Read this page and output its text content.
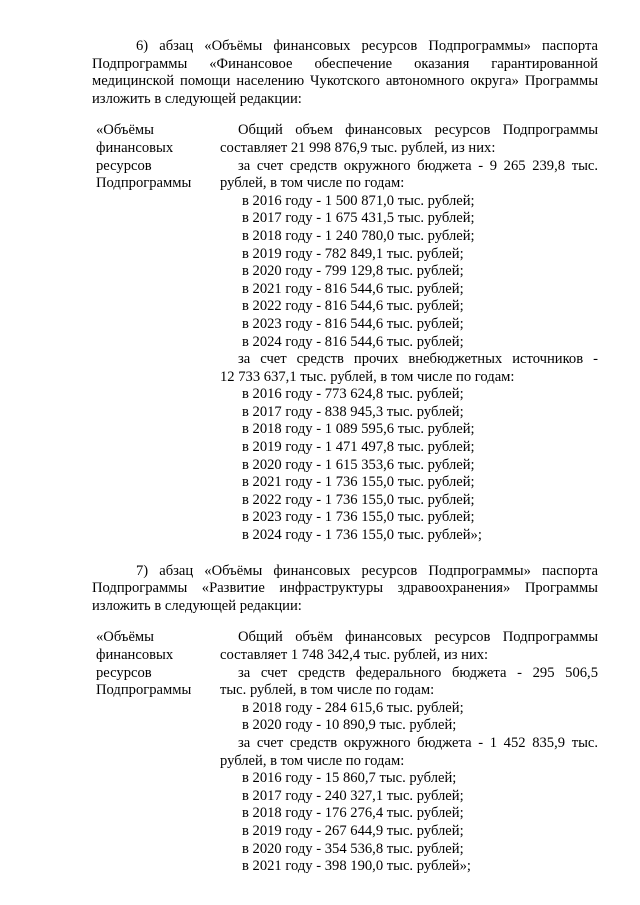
6) абзац «Объёмы финансовых ресурсов Подпрограммы» паспорта Подпрограммы «Финансовое обеспечение оказания гарантированной медицинской помощи населению Чукотского автономного округа» Программы изложить в следующей редакции:

«Объёмы
финансовых
ресурсов
Подпрограммы

Общий объем финансовых ресурсов Подпрограммы

составляет 21 998 876,9 тыс. рублей, из них:

за счет средств окружного бюджета - 9 265 239,8 тыс.

рублей, в том числе по годам:

в 2016 году - 1 500 871,0 тыс. рублей;

в 2017 году - 1 675 431,5 тыс. рублей;

в 2018 году - 1 240 780,0 тыс. рублей;

в 2019 году - 782 849,1 тыс. рублей;

в 2020 году - 799 129,8 тыс. рублей;

в 2021 году - 816 544,6 тыс. рублей;

в 2022 году - 816 544,6 тыс. рублей;

в 2023 году - 816 544,6 тыс. рублей;

в 2024 году - 816 544,6 тыс. рублей;

за счет средств прочих внебюджетных источников -

12 733 637,1 тыс. рублей, в том числе по годам:

в 2016 году - 773 624,8 тыс. рублей;

в 2017 году - 838 945,3 тыс. рублей;

в 2018 году - 1 089 595,6 тыс. рублей;

в 2019 году - 1 471 497,8 тыс. рублей;

в 2020 году - 1 615 353,6 тыс. рублей;

в 2021 году - 1 736 155,0 тыс. рублей;

в 2022 году - 1 736 155,0 тыс. рублей;

в 2023 году - 1 736 155,0 тыс. рублей;

в 2024 году - 1 736 155,0 тыс. рублей»;

7) абзац «Объёмы финансовых ресурсов Подпрограммы» паспорта Подпрограммы «Развитие инфраструктуры здравоохранения» Программы изложить в следующей редакции:

«Объёмы
финансовых
ресурсов
Подпрограммы

Общий объём финансовых ресурсов Подпрограммы

составляет 1 748 342,4 тыс. рублей, из них:

за счет средств федерального бюджета - 295 506,5

тыс. рублей, в том числе по годам:

в 2018 году - 284 615,6 тыс. рублей;

в 2020 году - 10 890,9 тыс. рублей;

за счет средств окружного бюджета - 1 452 835,9 тыс.

рублей, в том числе по годам:

в 2016 году - 15 860,7 тыс. рублей;

в 2017 году - 240 327,1 тыс. рублей;

в 2018 году - 176 276,4 тыс. рублей;

в 2019 году - 267 644,9 тыс. рублей;

в 2020 году - 354 536,8 тыс. рублей;

в 2021 году - 398 190,0 тыс. рублей»;
